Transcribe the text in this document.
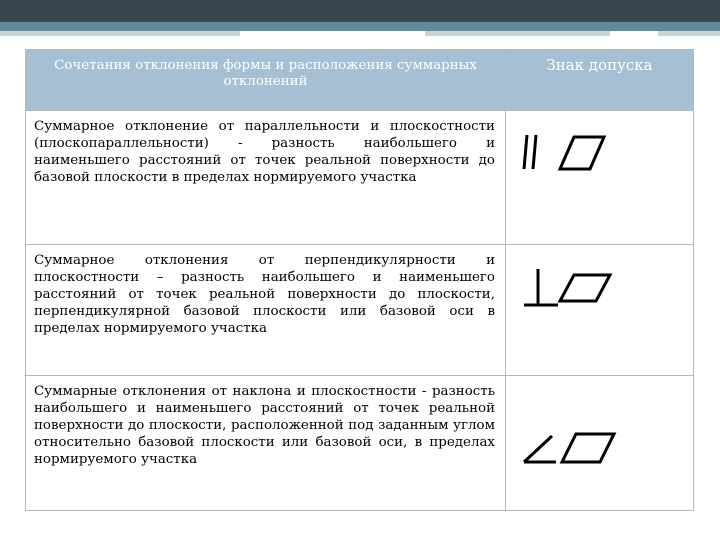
Сочетания отклонения формы и расположения суммарных отклонений	Знак допуска
Суммарное отклонение от параллельности и плоскостности (плоскопараллельности) - разность наибольшего и наименьшего расстояний от точек реальной поверхности до базовой плоскости в пределах нормируемого участка	

Суммарное отклонения от перпендикулярности и плоскостности – разность наибольшего и наименьшего расстояний от точек реальной поверхности до плоскости, перпендикулярной базовой плоскости или базовой оси в пределах нормируемого участка	

Суммарные отклонения от наклона и плоскостности - разность наибольшего и наименьшего расстояний от точек реальной поверхности до плоскости, расположенной под заданным углом относительно базовой плоскости или базовой оси, в пределах нормируемого участка	
